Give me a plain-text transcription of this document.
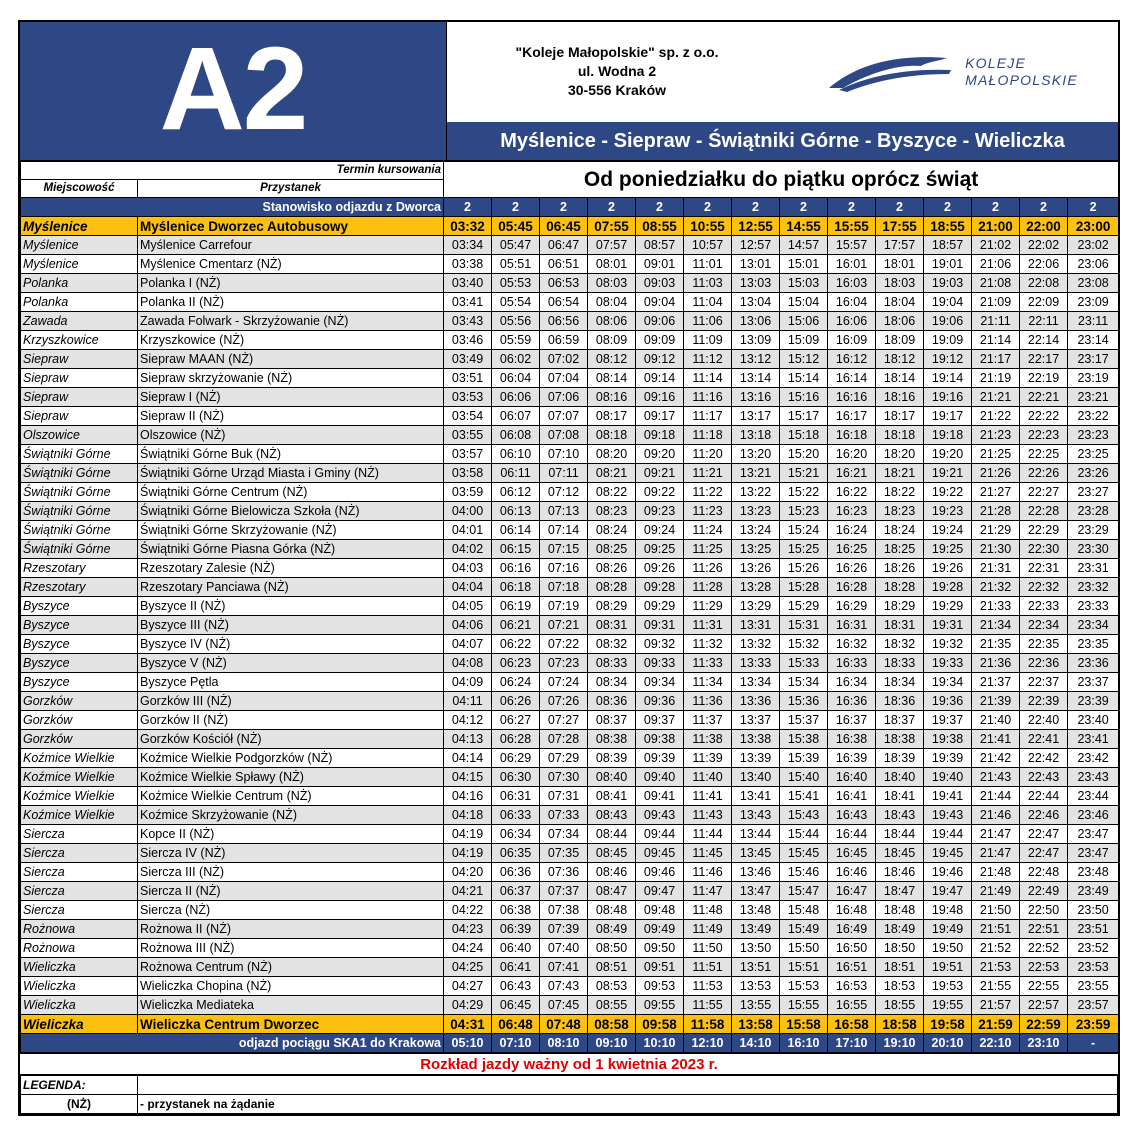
A2	"Koleje Małopolskie" sp. z o.o.
ul. Wodna 2
30-556 Kraków
KOLEJE
MAŁOPOLSKIE
Myślenice - Siepraw - Świątniki Górne - Byszyce - Wieliczka
Termin kursowania		Od poniedziałku do piątku oprócz świąt													
Miejscowość	Przystanek														
Stanowisko odjazdu z Dworca		2	2	2	2	2	2	2	2	2	2	2	2	2	2
Myślenice	Myślenice Dworzec Autobusowy	03:32	05:45	06:45	07:55	08:55	10:55	12:55	14:55	15:55	17:55	18:55	21:00	22:00	23:00
Myślenice	Myślenice Carrefour	03:34	05:47	06:47	07:57	08:57	10:57	12:57	14:57	15:57	17:57	18:57	21:02	22:02	23:02
Myślenice	Myślenice Cmentarz (NŻ)	03:38	05:51	06:51	08:01	09:01	11:01	13:01	15:01	16:01	18:01	19:01	21:06	22:06	23:06
Polanka	Polanka I (NŻ)	03:40	05:53	06:53	08:03	09:03	11:03	13:03	15:03	16:03	18:03	19:03	21:08	22:08	23:08
Polanka	Polanka II (NŻ)	03:41	05:54	06:54	08:04	09:04	11:04	13:04	15:04	16:04	18:04	19:04	21:09	22:09	23:09
Zawada	Zawada Folwark - Skrzyżowanie (NŻ)	03:43	05:56	06:56	08:06	09:06	11:06	13:06	15:06	16:06	18:06	19:06	21:11	22:11	23:11
Krzyszkowice	Krzyszkowice (NŻ)	03:46	05:59	06:59	08:09	09:09	11:09	13:09	15:09	16:09	18:09	19:09	21:14	22:14	23:14
Siepraw	Siepraw MAAN (NŻ)	03:49	06:02	07:02	08:12	09:12	11:12	13:12	15:12	16:12	18:12	19:12	21:17	22:17	23:17
Siepraw	Siepraw skrzyżowanie (NŻ)	03:51	06:04	07:04	08:14	09:14	11:14	13:14	15:14	16:14	18:14	19:14	21:19	22:19	23:19
Siepraw	Siepraw I (NŻ)	03:53	06:06	07:06	08:16	09:16	11:16	13:16	15:16	16:16	18:16	19:16	21:21	22:21	23:21
Siepraw	Siepraw II (NŻ)	03:54	06:07	07:07	08:17	09:17	11:17	13:17	15:17	16:17	18:17	19:17	21:22	22:22	23:22
Olszowice	Olszowice (NŻ)	03:55	06:08	07:08	08:18	09:18	11:18	13:18	15:18	16:18	18:18	19:18	21:23	22:23	23:23
Świątniki Górne	Świątniki Górne Buk (NŻ)	03:57	06:10	07:10	08:20	09:20	11:20	13:20	15:20	16:20	18:20	19:20	21:25	22:25	23:25
Świątniki Górne	Świątniki Górne Urząd Miasta i Gminy (NŻ)	03:58	06:11	07:11	08:21	09:21	11:21	13:21	15:21	16:21	18:21	19:21	21:26	22:26	23:26
Świątniki Górne	Świątniki Górne Centrum (NŻ)	03:59	06:12	07:12	08:22	09:22	11:22	13:22	15:22	16:22	18:22	19:22	21:27	22:27	23:27
Świątniki Górne	Świątniki Górne Bielowicza Szkoła (NŻ)	04:00	06:13	07:13	08:23	09:23	11:23	13:23	15:23	16:23	18:23	19:23	21:28	22:28	23:28
Świątniki Górne	Świątniki Górne Skrzyżowanie (NŻ)	04:01	06:14	07:14	08:24	09:24	11:24	13:24	15:24	16:24	18:24	19:24	21:29	22:29	23:29
Świątniki Górne	Świątniki Górne Piasna Górka (NŻ)	04:02	06:15	07:15	08:25	09:25	11:25	13:25	15:25	16:25	18:25	19:25	21:30	22:30	23:30
Rzeszotary	Rzeszotary Zalesie (NŻ)	04:03	06:16	07:16	08:26	09:26	11:26	13:26	15:26	16:26	18:26	19:26	21:31	22:31	23:31
Rzeszotary	Rzeszotary Panciawa (NŻ)	04:04	06:18	07:18	08:28	09:28	11:28	13:28	15:28	16:28	18:28	19:28	21:32	22:32	23:32
Byszyce	Byszyce II (NŻ)	04:05	06:19	07:19	08:29	09:29	11:29	13:29	15:29	16:29	18:29	19:29	21:33	22:33	23:33
Byszyce	Byszyce III (NŻ)	04:06	06:21	07:21	08:31	09:31	11:31	13:31	15:31	16:31	18:31	19:31	21:34	22:34	23:34
Byszyce	Byszyce IV (NŻ)	04:07	06:22	07:22	08:32	09:32	11:32	13:32	15:32	16:32	18:32	19:32	21:35	22:35	23:35
Byszyce	Byszyce V (NŻ)	04:08	06:23	07:23	08:33	09:33	11:33	13:33	15:33	16:33	18:33	19:33	21:36	22:36	23:36
Byszyce	Byszyce Pętla	04:09	06:24	07:24	08:34	09:34	11:34	13:34	15:34	16:34	18:34	19:34	21:37	22:37	23:37
Gorzków	Gorzków III (NŻ)	04:11	06:26	07:26	08:36	09:36	11:36	13:36	15:36	16:36	18:36	19:36	21:39	22:39	23:39
Gorzków	Gorzków II (NŻ)	04:12	06:27	07:27	08:37	09:37	11:37	13:37	15:37	16:37	18:37	19:37	21:40	22:40	23:40
Gorzków	Gorzków Kościół (NŻ)	04:13	06:28	07:28	08:38	09:38	11:38	13:38	15:38	16:38	18:38	19:38	21:41	22:41	23:41
Koźmice Wielkie	Koźmice Wielkie Podgorzków (NŻ)	04:14	06:29	07:29	08:39	09:39	11:39	13:39	15:39	16:39	18:39	19:39	21:42	22:42	23:42
Koźmice Wielkie	Koźmice Wielkie Spławy (NŻ)	04:15	06:30	07:30	08:40	09:40	11:40	13:40	15:40	16:40	18:40	19:40	21:43	22:43	23:43
Koźmice Wielkie	Koźmice Wielkie Centrum (NŻ)	04:16	06:31	07:31	08:41	09:41	11:41	13:41	15:41	16:41	18:41	19:41	21:44	22:44	23:44
Koźmice Wielkie	Koźmice Skrzyżowanie (NŻ)	04:18	06:33	07:33	08:43	09:43	11:43	13:43	15:43	16:43	18:43	19:43	21:46	22:46	23:46
Siercza	Kopce II (NŻ)	04:19	06:34	07:34	08:44	09:44	11:44	13:44	15:44	16:44	18:44	19:44	21:47	22:47	23:47
Siercza	Siercza IV (NŻ)	04:19	06:35	07:35	08:45	09:45	11:45	13:45	15:45	16:45	18:45	19:45	21:47	22:47	23:47
Siercza	Siercza III (NŻ)	04:20	06:36	07:36	08:46	09:46	11:46	13:46	15:46	16:46	18:46	19:46	21:48	22:48	23:48
Siercza	Siercza II (NŻ)	04:21	06:37	07:37	08:47	09:47	11:47	13:47	15:47	16:47	18:47	19:47	21:49	22:49	23:49
Siercza	Siercza (NŻ)	04:22	06:38	07:38	08:48	09:48	11:48	13:48	15:48	16:48	18:48	19:48	21:50	22:50	23:50
Rożnowa	Rożnowa II (NŻ)	04:23	06:39	07:39	08:49	09:49	11:49	13:49	15:49	16:49	18:49	19:49	21:51	22:51	23:51
Rożnowa	Rożnowa III (NŻ)	04:24	06:40	07:40	08:50	09:50	11:50	13:50	15:50	16:50	18:50	19:50	21:52	22:52	23:52
Wieliczka	Rożnowa Centrum (NŻ)	04:25	06:41	07:41	08:51	09:51	11:51	13:51	15:51	16:51	18:51	19:51	21:53	22:53	23:53
Wieliczka	Wieliczka Chopina (NŻ)	04:27	06:43	07:43	08:53	09:53	11:53	13:53	15:53	16:53	18:53	19:53	21:55	22:55	23:55
Wieliczka	Wieliczka Mediateka	04:29	06:45	07:45	08:55	09:55	11:55	13:55	15:55	16:55	18:55	19:55	21:57	22:57	23:57
Wieliczka	Wieliczka Centrum Dworzec	04:31	06:48	07:48	08:58	09:58	11:58	13:58	15:58	16:58	18:58	19:58	21:59	22:59	23:59
odjazd pociągu SKA1 do Krakowa		05:10	07:10	08:10	09:10	10:10	12:10	14:10	16:10	17:10	19:10	20:10	22:10	23:10	-
Rozkład jazdy ważny od 1 kwietnia 2023 r.
LEGENDA:	
(NŻ)	- przystanek na żądanie
